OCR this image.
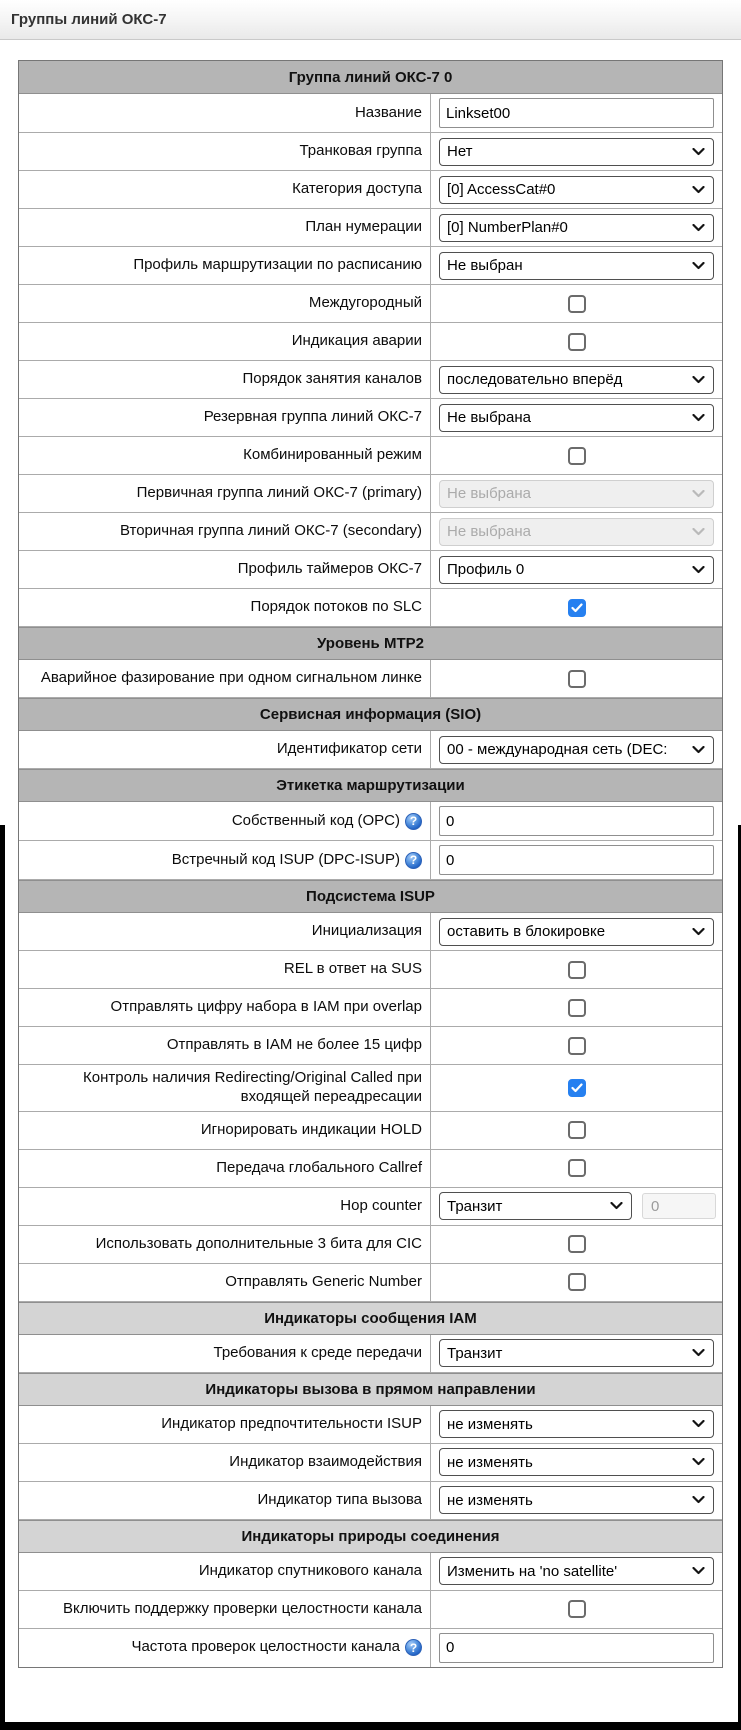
Группы линий ОКС-7
Группа линий ОКС-7 0
Название
Linkset00
Транковая группа Нет
Категория доступа [0] AccessCat#0
План нумерации [0] NumberPlan#0
Профиль маршрутизации по расписанию Не выбран
Междугородный
Индикация аварии
Порядок занятия каналов последовательно вперёд
Резервная группа линий ОКС-7 Не выбрана
Комбинированный режим
Первичная группа линий ОКС-7 (primary) Не выбрана
Вторичная группа линий ОКС-7 (secondary) Не выбрана
Профиль таймеров ОКС-7 Профиль 0
Порядок потоков по SLC
Уровень MTP2
Аварийное фазирование при одном сигнальном линке
Сервисная информация (SIO)
Идентификатор сети 00 - международная сеть (DEC:
Этикетка маршрутизации
Собственный код (OPC) ?
0
Встречный код ISUP (DPC-ISUP) ?
0
Подсистема ISUP
Инициализация оставить в блокировке
REL в ответ на SUS
Отправлять цифру набора в IAM при overlap
Отправлять в IAM не более 15 цифр
Контроль наличия Redirecting/Original Called при входящей переадресации
Игнорировать индикации HOLD
Передача глобального Callref
Hop counter Транзит
0
Использовать дополнительные 3 бита для CIC
Отправлять Generic Number
Индикаторы сообщения IAM
Требования к среде передачи Транзит
Индикаторы вызова в прямом направлении
Индикатор предпочтительности ISUP не изменять
Индикатор взаимодействия не изменять
Индикатор типа вызова не изменять
Индикаторы природы соединения
Индикатор спутникового канала Изменить на 'no satellite'
Включить поддержку проверки целостности канала
Частота проверок целостности канала ?
0
